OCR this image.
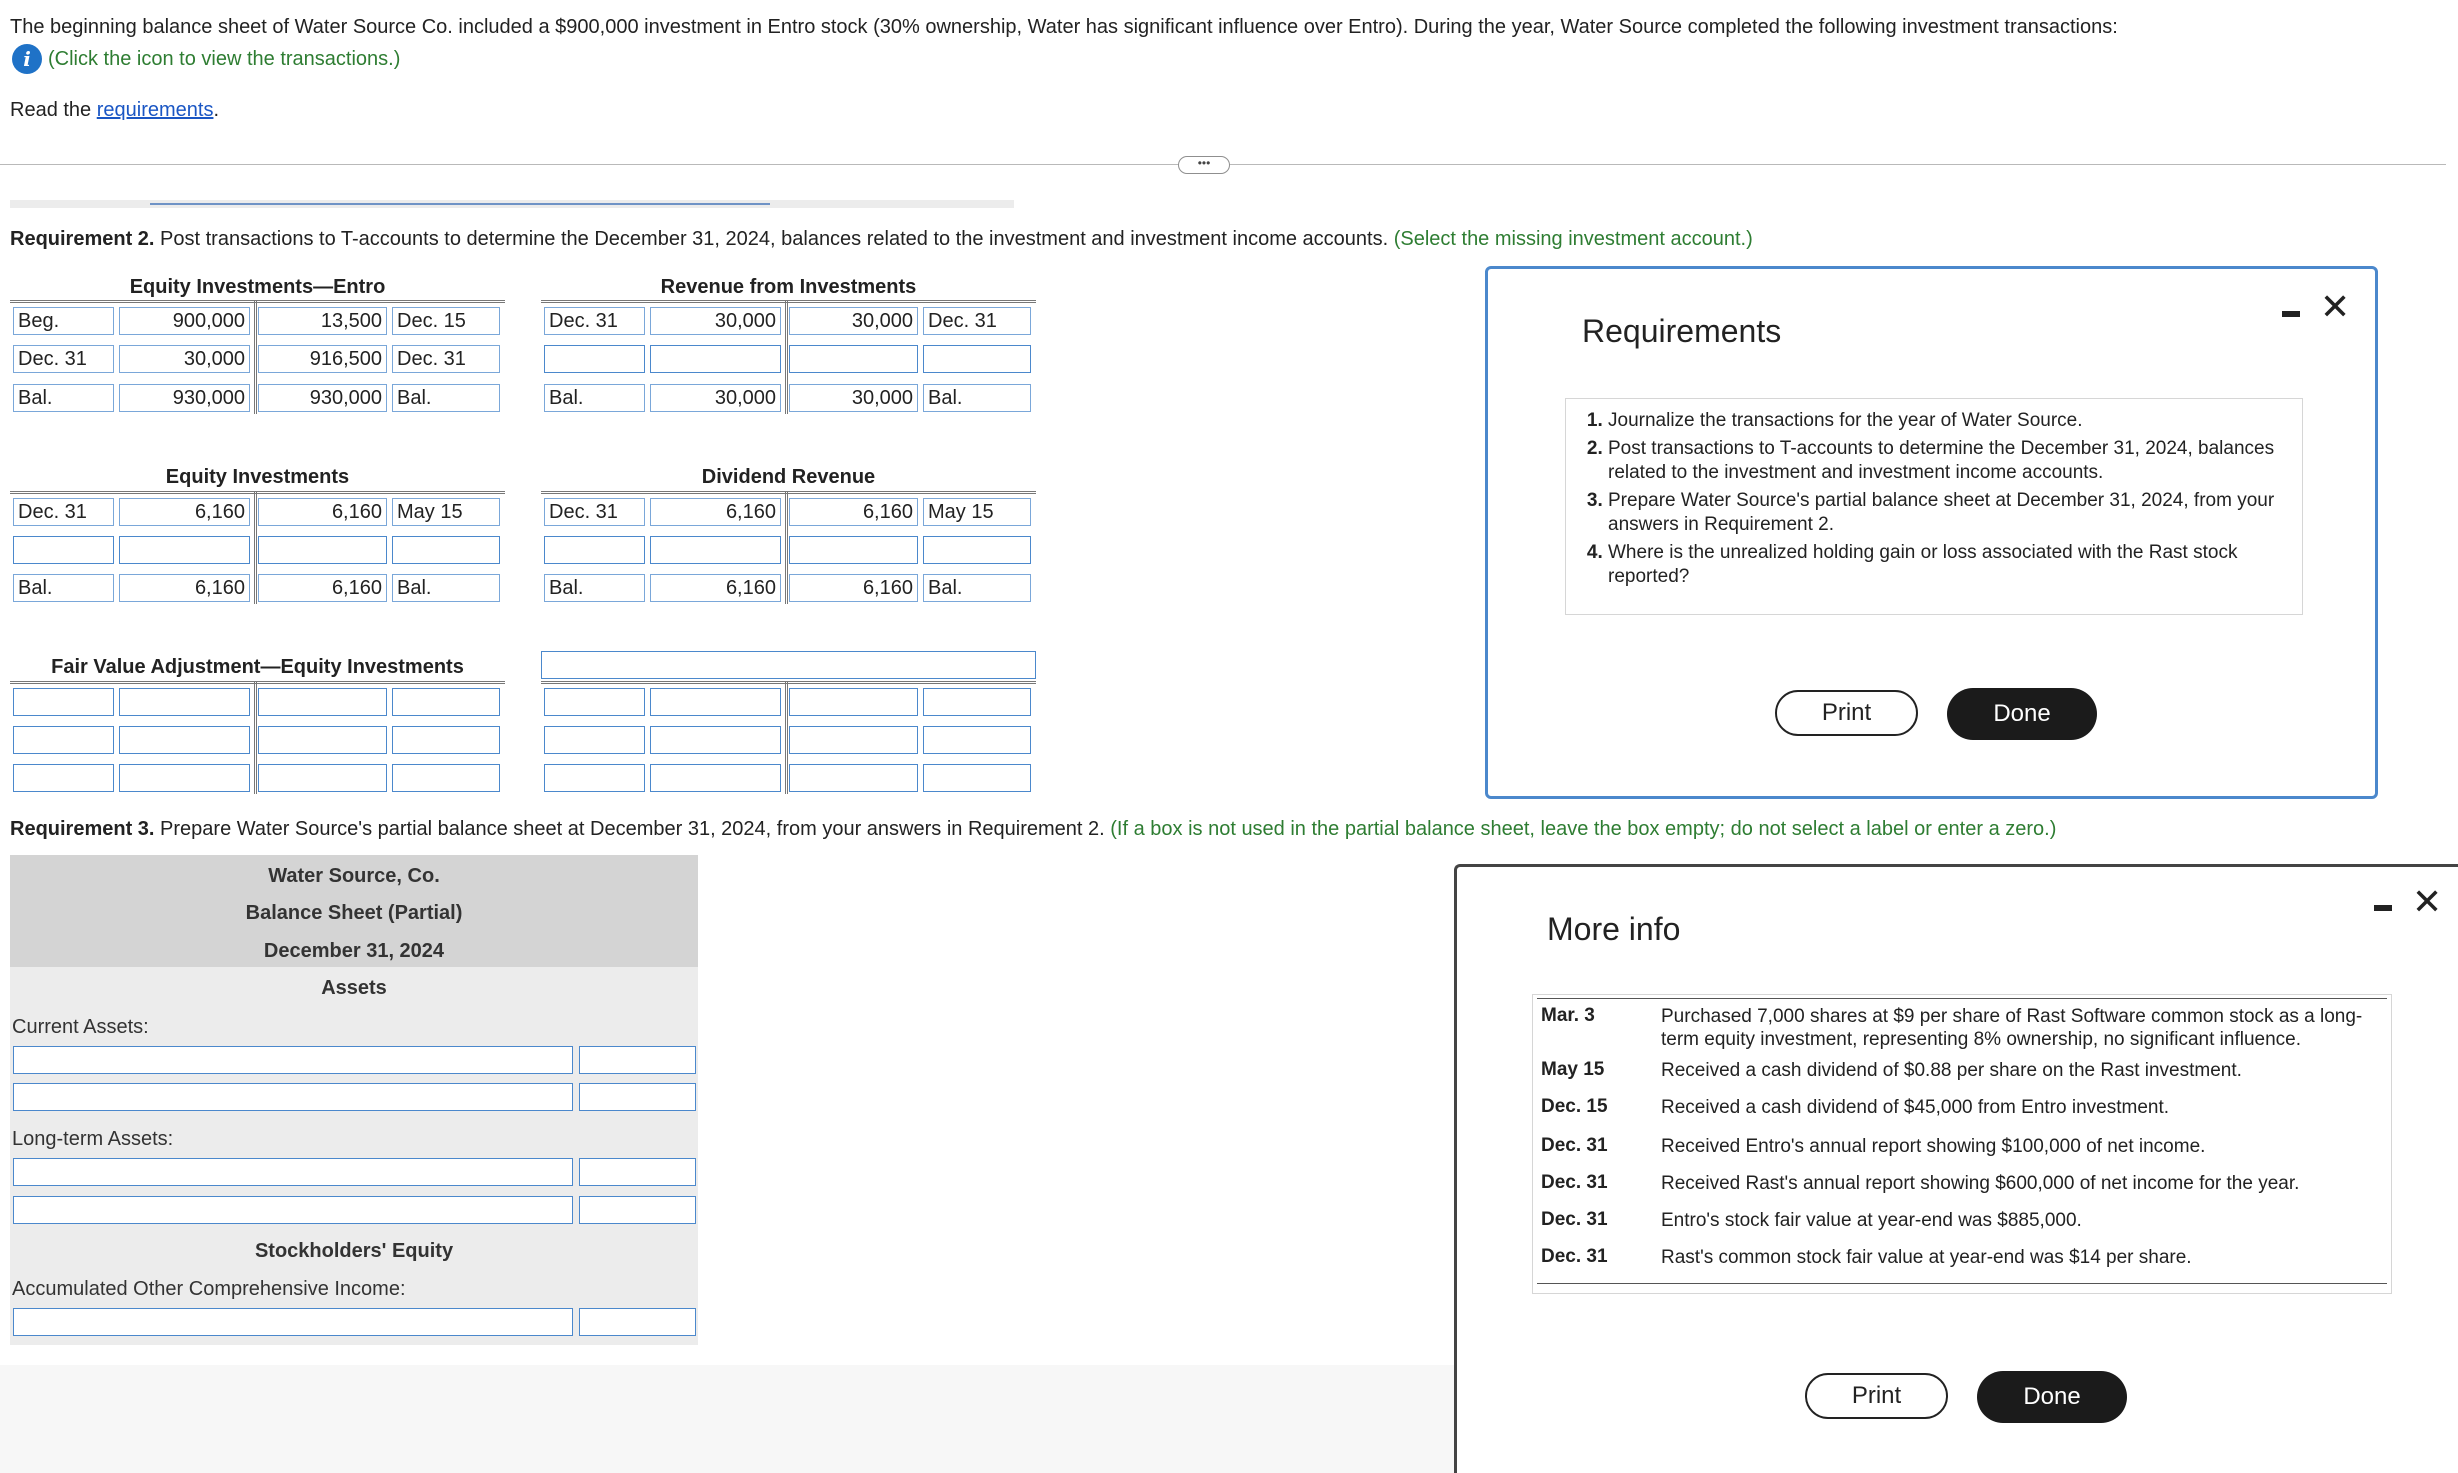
The beginning balance sheet of Water Source Co. included a $900,000 investment in Entro stock (30% ownership, Water has significant influence over Entro). During the year, Water Source completed the following investment transactions:
i (Click the icon to view the transactions.)
Read the requirements.
•••
Requirement 2. Post transactions to T-accounts to determine the December 31, 2024, balances related to the investment and investment income accounts. (Select the missing investment account.)
Equity Investments—Entro
Beg.	900,000	13,500 Dec. 15
Dec. 31	30,000	916,500 Dec. 31
Bal.	930,000	930,000 Bal.
Revenue from Investments
Dec. 31	30,000	30,000 Dec. 31
Bal.	30,000	30,000 Bal.
Equity Investments
Dec. 31	6,160	6,160 May 15
Bal.	6,160	6,160 Bal.
Dividend Revenue
Dec. 31	6,160	6,160 May 15
Bal.	6,160	6,160 Bal.
Fair Value Adjustment—Equity Investments
Requirement 3. Prepare Water Source's partial balance sheet at December 31, 2024, from your answers in Requirement 2. (If a box is not used in the partial balance sheet, leave the box empty; do not select a label or enter a zero.)
Water Source, Co.
Balance Sheet (Partial)
December 31, 2024
Assets
Current Assets:
Long-term Assets:
Stockholders' Equity
Accumulated Other Comprehensive Income:
Requirements
✕
1. Journalize the transactions for the year of Water Source.
2. Post transactions to T-accounts to determine the December 31, 2024, balances related to the investment and investment income accounts.
3. Prepare Water Source's partial balance sheet at December 31, 2024, from your answers in Requirement 2.
4. Where is the unrealized holding gain or loss associated with the Rast stock reported?
Print	Done
More info
✕
Mar. 3	Purchased 7,000 shares at $9 per share of Rast Software common stock as a long-term equity investment, representing 8% ownership, no significant influence.
May 15	Received a cash dividend of $0.88 per share on the Rast investment.
Dec. 15	Received a cash dividend of $45,000 from Entro investment.
Dec. 31	Received Entro's annual report showing $100,000 of net income.
Dec. 31	Received Rast's annual report showing $600,000 of net income for the year.
Dec. 31	Entro's stock fair value at year-end was $885,000.
Dec. 31	Rast's common stock fair value at year-end was $14 per share.
Print	Done
